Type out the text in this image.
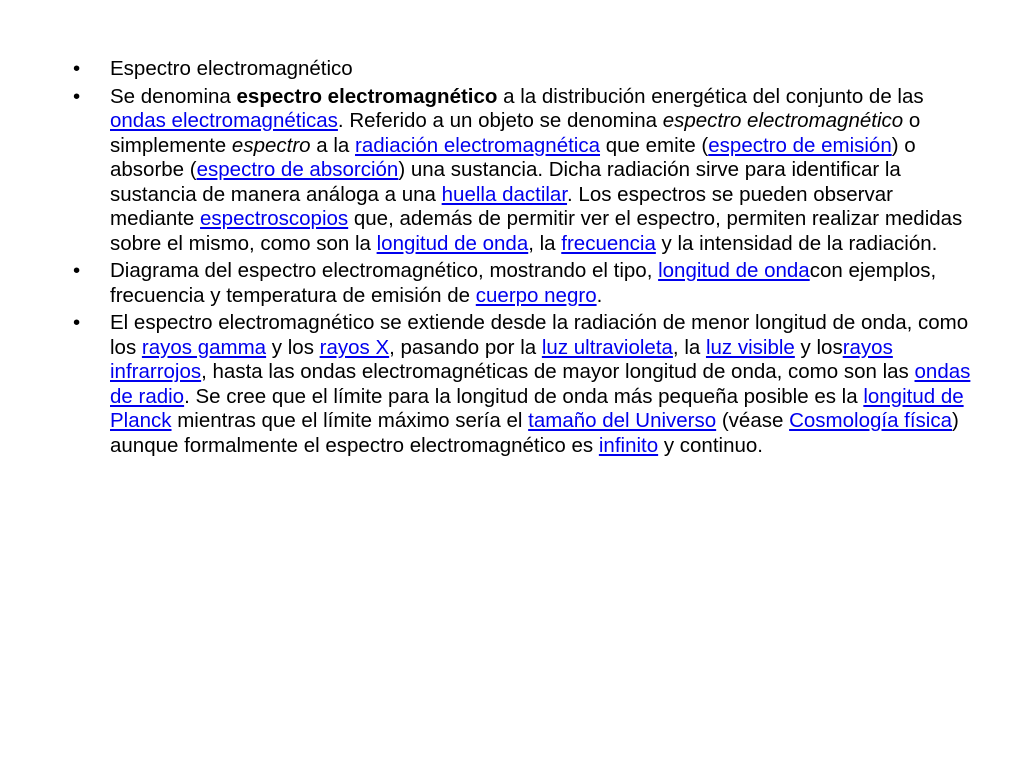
• Espectro electromagnético
• Se denomina espectro electromagnético a la distribución energética del conjunto de las ondas electromagnéticas. Referido a un objeto se denomina espectro electromagnético o simplemente espectro a la radiación electromagnética que emite (espectro de emisión) o absorbe (espectro de absorción) una sustancia. Dicha radiación sirve para identificar la sustancia de manera análoga a una huella dactilar. Los espectros se pueden observar mediante espectroscopios que, además de permitir ver el espectro, permiten realizar medidas sobre el mismo, como son la longitud de onda, la frecuencia y la intensidad de la radiación.
• Diagrama del espectro electromagnético, mostrando el tipo, longitud de ondacon ejemplos, frecuencia y temperatura de emisión de cuerpo negro.
• El espectro electromagnético se extiende desde la radiación de menor longitud de onda, como los rayos gamma y los rayos X, pasando por la luz ultravioleta, la luz visible y losrayos infrarrojos, hasta las ondas electromagnéticas de mayor longitud de onda, como son las ondas de radio. Se cree que el límite para la longitud de onda más pequeña posible es la longitud de Planck mientras que el límite máximo sería el tamaño del Universo (véase Cosmología física) aunque formalmente el espectro electromagnético es infinito y continuo.
